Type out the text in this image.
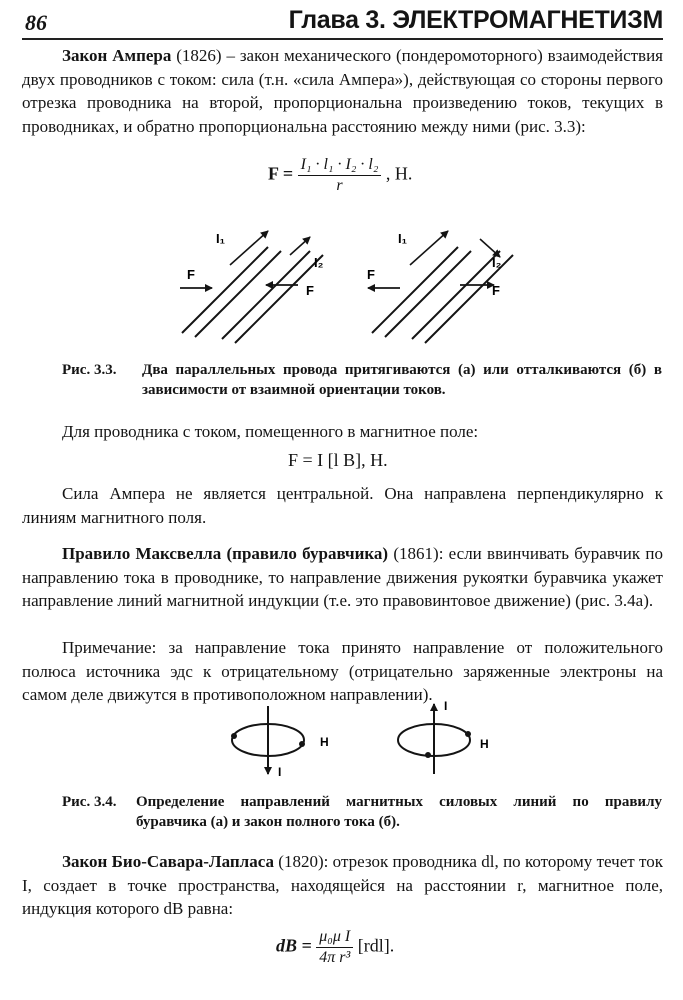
86	Глава 3. ЭЛЕКТРОМАГНЕТИЗМ

Закон Ампера (1826) – закон механического (пондеромоторного) взаимодействия двух проводников с током: сила (т.н. «сила Ампера»), действующая со стороны первого отрезка проводника на второй, пропорциональна произведению токов, текущих в проводниках, и обратно пропорциональна расстоянию между ними (рис. 3.3):

$F = \frac{\text{I₁ · l₁ · I₂ · l₂}}{r}$ , Н.
I₁
I₂
F
F
I₁
I₂
F
F
Рис. 3.3.	Два параллельных провода притягиваются (а) или отталкиваются (б) в зависимости от взаимной ориентации токов.

Для проводника с током, помещенного в магнитное поле:

F = I [l B], Н.

Сила Ампера не является центральной. Она направлена перпендикулярно к линиям магнитного поля.

Правило Максвелла (правило буравчика) (1861): если ввинчивать буравчик по направлению тока в проводнике, то направление движения рукоятки буравчика укажет направление линий магнитной индукции (т.е. это правовинтовое движение) (рис. 3.4а).

Примечание: за направление тока принято направление от положительного полюса источника эдс к отрицательному (отрицательно заряженные электроны на самом деле движутся в противоположном направлении).

Н
I
Н
I
Рис. 3.4.	Определение направлений магнитных силовых линий по правилу буравчика (а) и закон полного тока (б).

Закон Био-Савара-Лапласа (1820): отрезок проводника dl, по которому течет ток I, создает в точке пространства, находящейся на расстоянии r, магнитное поле, индукция которого dB равна:

dB = $\frac{\text{μ₀μ I}}{\text{4π r³}} [rdl]$.
